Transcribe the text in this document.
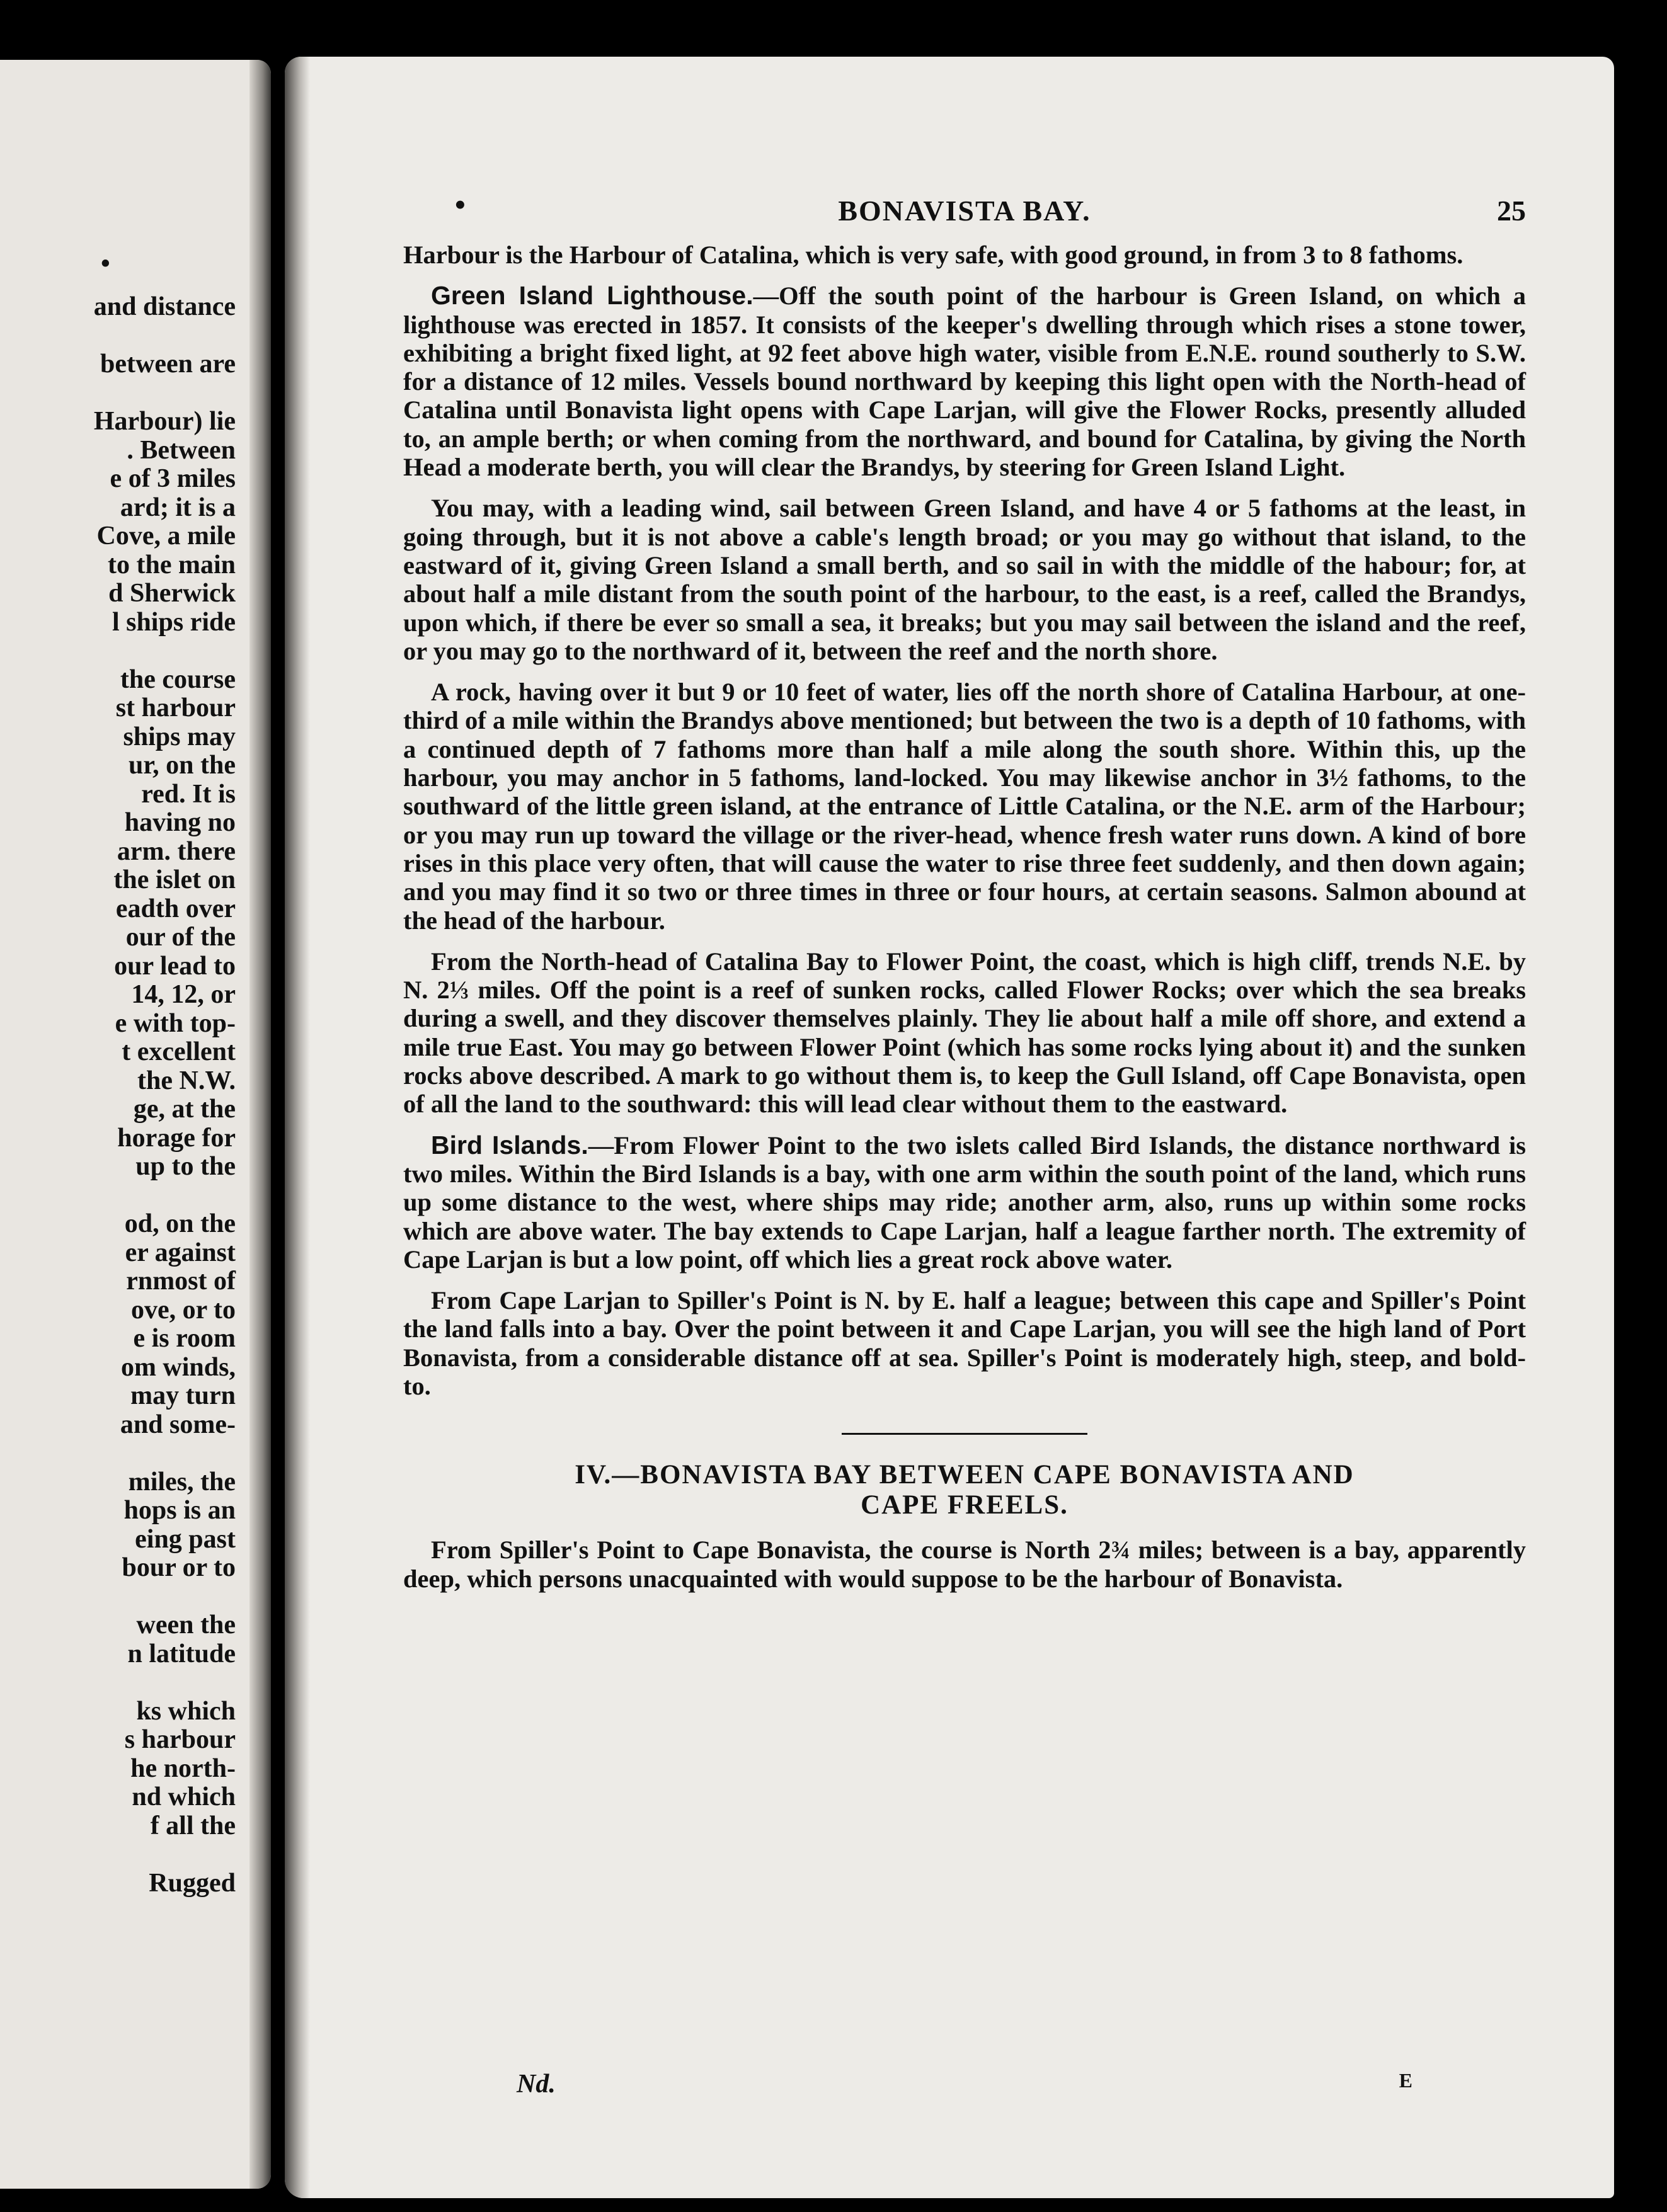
•
and distance

between are

Harbour) lie
. Between
e of 3 miles
ard; it is a
Cove, a mile
to the main
d Sherwick
l ships ride

the course
st harbour
ships may
ur, on the
red. It is
having no
arm. there
the islet on
eadth over
our of the
our lead to
14, 12, or
e with top-
t excellent
the N.W.
ge, at the
horage for
up to the

od, on the
er against
rnmost of
ove, or to
e is room
om winds,
may turn
and some-

miles, the
hops is an
eing past
bour or to

ween the
n latitude

ks which
s harbour
he north-
nd which
f all the

Rugged
•	BONAVISTA BAY.	25

Harbour is the Harbour of Catalina, which is very safe, with good ground, in from 3 to 8 fathoms.

Green Island Lighthouse.—Off the south point of the harbour is Green Island, on which a lighthouse was erected in 1857. It consists of the keeper's dwelling through which rises a stone tower, exhibiting a bright fixed light, at 92 feet above high water, visible from E.N.E. round southerly to S.W. for a distance of 12 miles. Vessels bound northward by keeping this light open with the North-head of Catalina until Bonavista light opens with Cape Larjan, will give the Flower Rocks, presently alluded to, an ample berth; or when coming from the northward, and bound for Catalina, by giving the North Head a moderate berth, you will clear the Brandys, by steering for Green Island Light.

You may, with a leading wind, sail between Green Island, and have 4 or 5 fathoms at the least, in going through, but it is not above a cable's length broad; or you may go without that island, to the eastward of it, giving Green Island a small berth, and so sail in with the middle of the habour; for, at about half a mile distant from the south point of the harbour, to the east, is a reef, called the Brandys, upon which, if there be ever so small a sea, it breaks; but you may sail between the island and the reef, or you may go to the northward of it, between the reef and the north shore.

A rock, having over it but 9 or 10 feet of water, lies off the north shore of Catalina Harbour, at one-third of a mile within the Brandys above mentioned; but between the two is a depth of 10 fathoms, with a continued depth of 7 fathoms more than half a mile along the south shore. Within this, up the harbour, you may anchor in 5 fathoms, land-locked. You may likewise anchor in 3½ fathoms, to the southward of the little green island, at the entrance of Little Catalina, or the N.E. arm of the Harbour; or you may run up toward the village or the river-head, whence fresh water runs down. A kind of bore rises in this place very often, that will cause the water to rise three feet suddenly, and then down again; and you may find it so two or three times in three or four hours, at certain seasons. Salmon abound at the head of the harbour.

From the North-head of Catalina Bay to Flower Point, the coast, which is high cliff, trends N.E. by N. 2⅓ miles. Off the point is a reef of sunken rocks, called Flower Rocks; over which the sea breaks during a swell, and they discover themselves plainly. They lie about half a mile off shore, and extend a mile true East. You may go between Flower Point (which has some rocks lying about it) and the sunken rocks above described. A mark to go without them is, to keep the Gull Island, off Cape Bonavista, open of all the land to the southward: this will lead clear without them to the eastward.

Bird Islands.—From Flower Point to the two islets called Bird Islands, the distance northward is two miles. Within the Bird Islands is a bay, with one arm within the south point of the land, which runs up some distance to the west, where ships may ride; another arm, also, runs up within some rocks which are above water. The bay extends to Cape Larjan, half a league farther north. The extremity of Cape Larjan is but a low point, off which lies a great rock above water.

From Cape Larjan to Spiller's Point is N. by E. half a league; between this cape and Spiller's Point the land falls into a bay. Over the point between it and Cape Larjan, you will see the high land of Port Bonavista, from a considerable distance off at sea. Spiller's Point is moderately high, steep, and bold-to.

IV.—BONAVISTA BAY BETWEEN CAPE BONAVISTA AND
CAPE FREELS.

From Spiller's Point to Cape Bonavista, the course is North 2¾ miles; between is a bay, apparently deep, which persons unacquainted with would suppose to be the harbour of Bonavista.

Nd.	E
